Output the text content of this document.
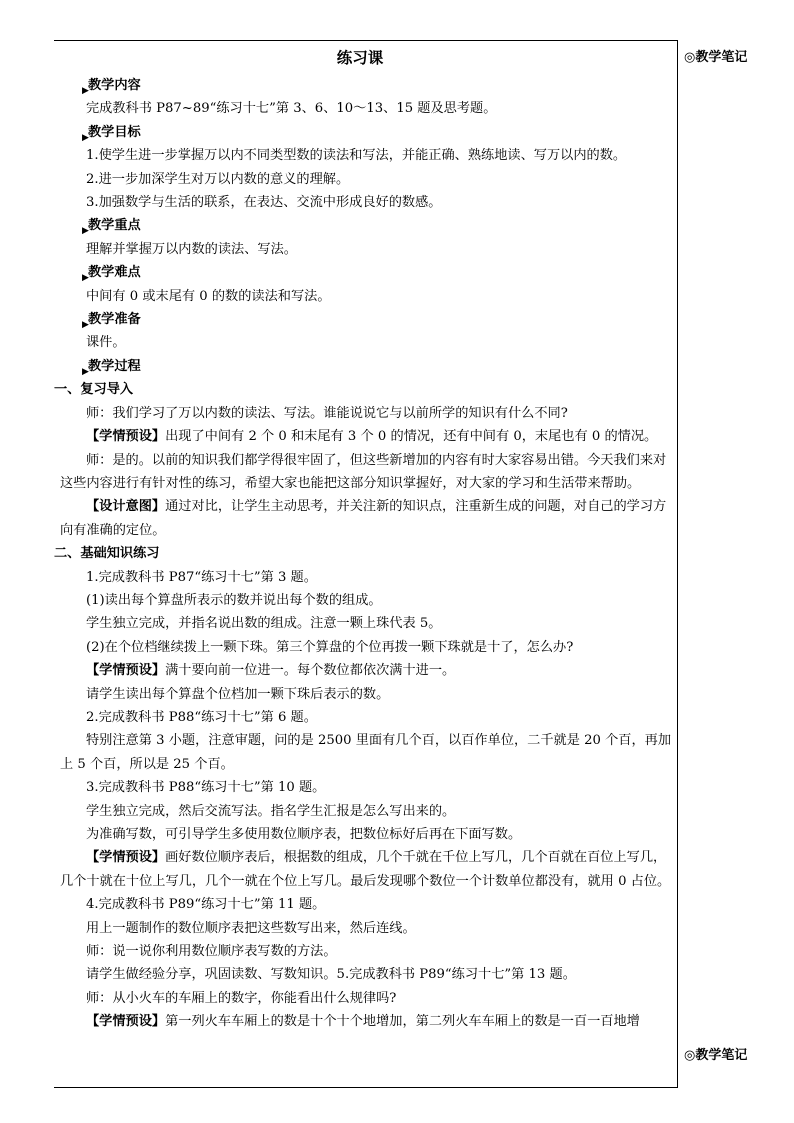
◎教学笔记
◎教学笔记
练习课
▶ 教学内容
完成教科书 P87~89“练习十七”第 3、6、10～13、15 题及思考题。
▶ 教学目标
1.使学生进一步掌握万以内不同类型数的读法和写法，并能正确、熟练地读、写万以内的数。
2.进一步加深学生对万以内数的意义的理解。
3.加强数学与生活的联系，在表达、交流中形成良好的数感。
▶ 教学重点
理解并掌握万以内数的读法、写法。
▶ 教学难点
中间有 0 或末尾有 0 的数的读法和写法。
▶ 教学准备
课件。
▶ 教学过程
一、复习导入
师：我们学习了万以内数的读法、写法。谁能说说它与以前所学的知识有什么不同?
【学情预设】出现了中间有 2 个 0 和末尾有 3 个 0 的情况，还有中间有 0，末尾也有 0 的情况。
师：是的。以前的知识我们都学得很牢固了，但这些新增加的内容有时大家容易出错。今天我们来对这些内容进行有针对性的练习，希望大家也能把这部分知识掌握好，对大家的学习和生活带来帮助。
【设计意图】通过对比，让学生主动思考，并关注新的知识点，注重新生成的问题，对自己的学习方向有准确的定位。
二、基础知识练习
1.完成教科书 P87“练习十七”第 3 题。
(1)读出每个算盘所表示的数并说出每个数的组成。
学生独立完成，并指名说出数的组成。注意一颗上珠代表 5。
(2)在个位档继续拨上一颗下珠。第三个算盘的个位再拨一颗下珠就是十了，怎么办?
【学情预设】满十要向前一位进一。每个数位都依次满十进一。
请学生读出每个算盘个位档加一颗下珠后表示的数。
2.完成教科书 P88“练习十七”第 6 题。
特别注意第 3 小题，注意审题，问的是 2500 里面有几个百，以百作单位，二千就是 20 个百，再加上 5 个百，所以是 25 个百。
3.完成教科书 P88“练习十七”第 10 题。
学生独立完成，然后交流写法。指名学生汇报是怎么写出来的。
为准确写数，可引导学生多使用数位顺序表，把数位标好后再在下面写数。
【学情预设】画好数位顺序表后，根据数的组成，几个千就在千位上写几，几个百就在百位上写几，几个十就在十位上写几，几个一就在个位上写几。最后发现哪个数位一个计数单位都没有，就用 0 占位。
4.完成教科书 P89“练习十七”第 11 题。
用上一题制作的数位顺序表把这些数写出来，然后连线。
师：说一说你利用数位顺序表写数的方法。
请学生做经验分享，巩固读数、写数知识。5.完成教科书 P89“练习十七”第 13 题。
师：从小火车的车厢上的数字，你能看出什么规律吗?
【学情预设】第一列火车车厢上的数是十个十个地增加，第二列火车车厢上的数是一百一百地增
